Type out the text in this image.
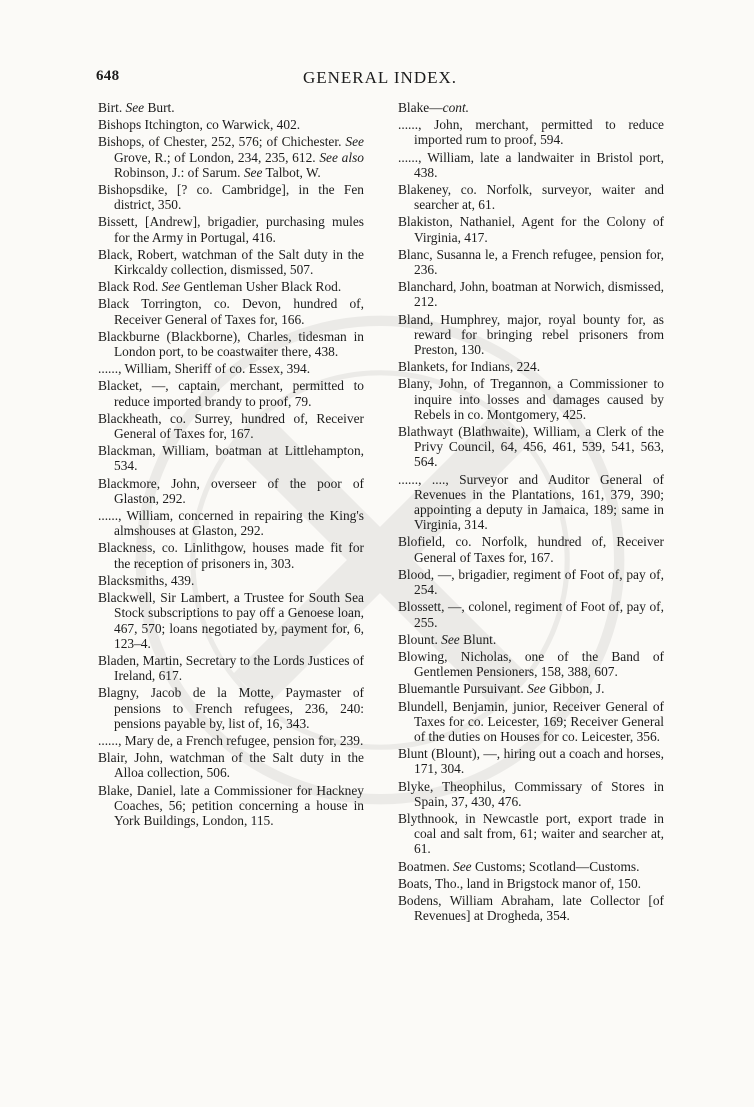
648	GENERAL INDEX.

Birt. See Burt.

Bishops Itchington, co Warwick, 402.

Bishops, of Chester, 252, 576; of Chichester. See Grove, R.; of London, 234, 235, 612. See also Robinson, J.: of Sarum. See Talbot, W.

Bishopsdike, [? co. Cambridge], in the Fen district, 350.

Bissett, [Andrew], brigadier, purchasing mules for the Army in Portugal, 416.

Black, Robert, watchman of the Salt duty in the Kirkcaldy collection, dismissed, 507.

Black Rod. See Gentleman Usher Black Rod.

Black Torrington, co. Devon, hundred of, Receiver General of Taxes for, 166.

Blackburne (Blackborne), Charles, tidesman in London port, to be coastwaiter there, 438.

......, William, Sheriff of co. Essex, 394.

Blacket, —, captain, merchant, permitted to reduce imported brandy to proof, 79.

Blackheath, co. Surrey, hundred of, Receiver General of Taxes for, 167.

Blackman, William, boatman at Littlehampton, 534.

Blackmore, John, overseer of the poor of Glaston, 292.

......, William, concerned in repairing the King's almshouses at Glaston, 292.

Blackness, co. Linlithgow, houses made fit for the reception of prisoners in, 303.

Blacksmiths, 439.

Blackwell, Sir Lambert, a Trustee for South Sea Stock subscriptions to pay off a Genoese loan, 467, 570; loans negotiated by, payment for, 6, 123–4.

Bladen, Martin, Secretary to the Lords Justices of Ireland, 617.

Blagny, Jacob de la Motte, Paymaster of pensions to French refugees, 236, 240: pensions payable by, list of, 16, 343.

......, Mary de, a French refugee, pension for, 239.

Blair, John, watchman of the Salt duty in the Alloa collection, 506.

Blake, Daniel, late a Commissioner for Hackney Coaches, 56; petition concerning a house in York Buildings, London, 115.

Blake—cont.

......, John, merchant, permitted to reduce imported rum to proof, 594.

......, William, late a landwaiter in Bristol port, 438.

Blakeney, co. Norfolk, surveyor, waiter and searcher at, 61.

Blakiston, Nathaniel, Agent for the Colony of Virginia, 417.

Blanc, Susanna le, a French refugee, pension for, 236.

Blanchard, John, boatman at Norwich, dismissed, 212.

Bland, Humphrey, major, royal bounty for, as reward for bringing rebel prisoners from Preston, 130.

Blankets, for Indians, 224.

Blany, John, of Tregannon, a Commissioner to inquire into losses and damages caused by Rebels in co. Montgomery, 425.

Blathwayt (Blathwaite), William, a Clerk of the Privy Council, 64, 456, 461, 539, 541, 563, 564.

......, ...., Surveyor and Auditor General of Revenues in the Plantations, 161, 379, 390; appointing a deputy in Jamaica, 189; same in Virginia, 314.

Blofield, co. Norfolk, hundred of, Receiver General of Taxes for, 167.

Blood, —, brigadier, regiment of Foot of, pay of, 254.

Blossett, —, colonel, regiment of Foot of, pay of, 255.

Blount. See Blunt.

Blowing, Nicholas, one of the Band of Gentlemen Pensioners, 158, 388, 607.

Bluemantle Pursuivant. See Gibbon, J.

Blundell, Benjamin, junior, Receiver General of Taxes for co. Leicester, 169; Receiver General of the duties on Houses for co. Leicester, 356.

Blunt (Blount), —, hiring out a coach and horses, 171, 304.

Blyke, Theophilus, Commissary of Stores in Spain, 37, 430, 476.

Blythnook, in Newcastle port, export trade in coal and salt from, 61; waiter and searcher at, 61.

Boatmen. See Customs; Scotland—Customs.

Boats, Tho., land in Brigstock manor of, 150.

Bodens, William Abraham, late Collector [of Revenues] at Drogheda, 354.
